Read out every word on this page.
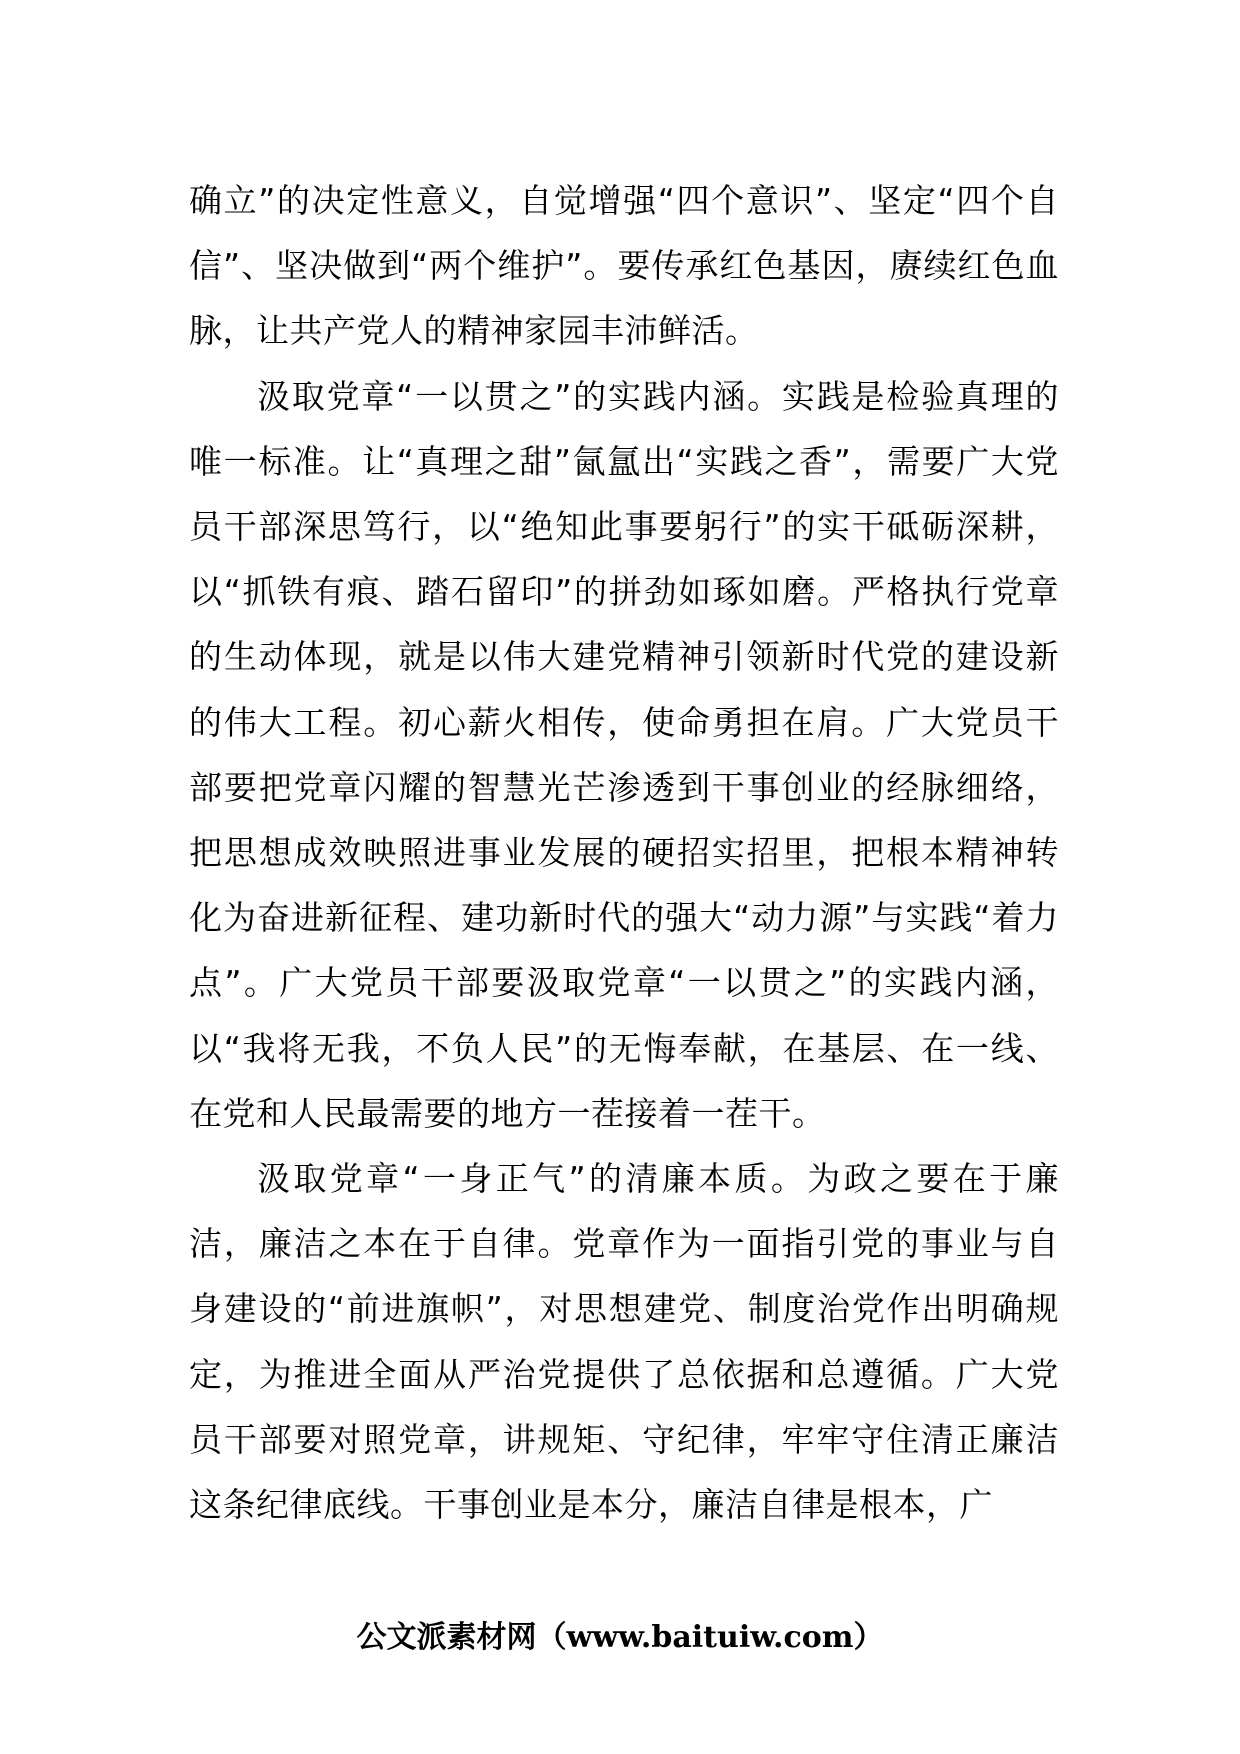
确立”的决定性意义，自觉增强“四个意识”、坚定“四个自信”、坚决做到“两个维护”。要传承红色基因，赓续红色血脉，让共产党人的精神家园丰沛鲜活。

汲取党章“一以贯之”的实践内涵。实践是检验真理的唯一标准。让“真理之甜”氤氲出“实践之香”，需要广大党员干部深思笃行，以“绝知此事要躬行”的实干砥砺深耕，以“抓铁有痕、踏石留印”的拼劲如琢如磨。严格执行党章的生动体现，就是以伟大建党精神引领新时代党的建设新的伟大工程。初心薪火相传，使命勇担在肩。广大党员干部要把党章闪耀的智慧光芒渗透到干事创业的经脉细络，把思想成效映照进事业发展的硬招实招里，把根本精神转化为奋进新征程、建功新时代的强大“动力源”与实践“着力点”。广大党员干部要汲取党章“一以贯之”的实践内涵，以“我将无我，不负人民”的无悔奉献，在基层、在一线、在党和人民最需要的地方一茬接着一茬干。

汲取党章“一身正气”的清廉本质。为政之要在于廉洁，廉洁之本在于自律。党章作为一面指引党的事业与自身建设的“前进旗帜”，对思想建党、制度治党作出明确规定，为推进全面从严治党提供了总依据和总遵循。广大党员干部要对照党章，讲规矩、守纪律，牢牢守住清正廉洁这条纪律底线。干事创业是本分，廉洁自律是根本，广

公文派素材网（www.baituiw.com）
